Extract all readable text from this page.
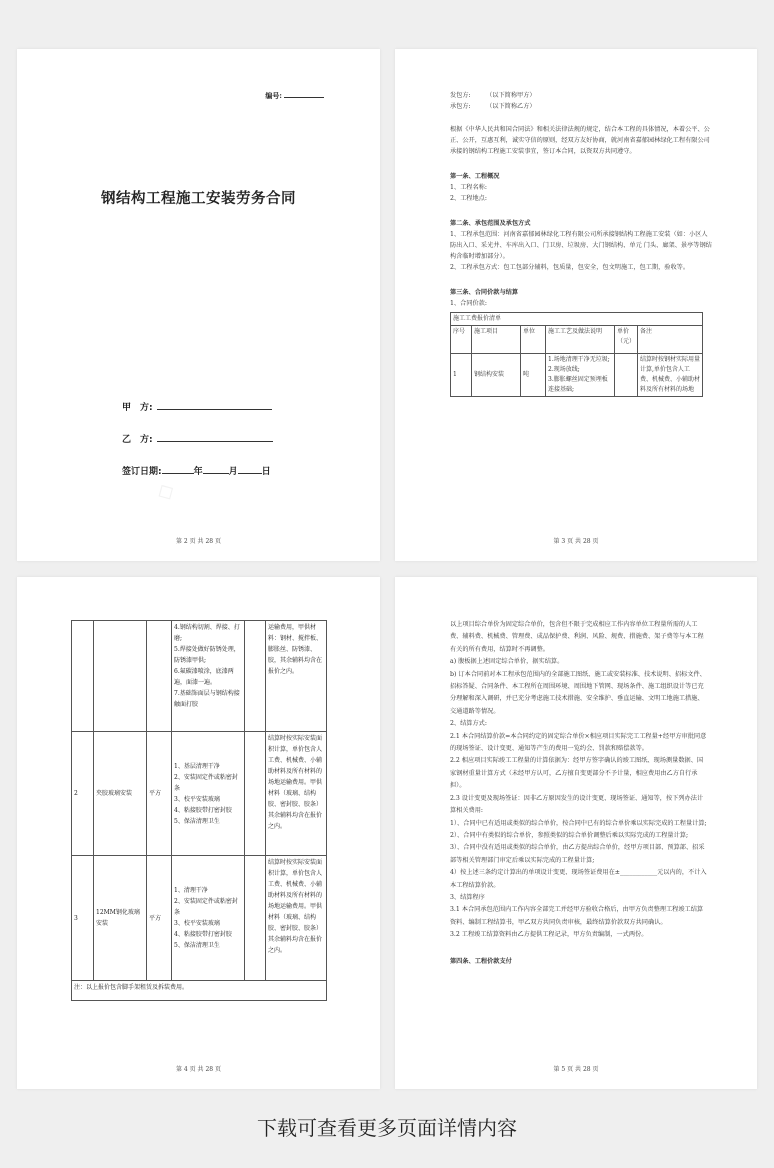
◇
编号:
钢结构工程施工安装劳务合同
甲　方:
乙　方:
签订日期:	年	月	日
第 2 页 共 28 页

发包方:　　　（以下简称甲方）

承包方:　　　（以下简称乙方）

根据《中华人民共和国合同法》和相关法律法规的规定，结合本工程的具体情况，本着公平、公正、公开，互惠互利，诚实守信的原则，经双方友好协商，就河南省嘉郁园林绿化工程有限公司承接的钢结构工程施工安装事宜，签订本合同，以资双方共同遵守。

第一条、工程概况

1、工程名称:

2、工程地点:

第二条、承包范围及承包方式

1、工程承包范围：河南省嘉郁园林绿化工程有限公司所承接钢结构工程施工安装（如：小区人防出入口、采光井、车库出入口、门卫房、垃圾房、大门钢结构、单元 门头、廊架、景亭等钢结构含临时增加部分）。

2、工程承包方式：包工包部分辅料，包质量，包安全，包文明施工，包工期，验收等。

第三条、合同价款与结算

1、合同价款:

施工工费报价清单					
序号	施工项目	单位	施工工艺及做法说明	单价（元）	备注
1	钢结构安装	吨	1.场地清理干净无垃圾;
2.现场放线;
3.膨胀螺丝固定预埋板连接基础;		结算时按钢材实际用量计算,单价包含人工费、机械费、小辅助材料及所有材料的场地
第 3 页 共 28 页

			4.钢结构切割、焊接、打磨;
5.焊接处做好防锈处理，防锈漆甲供;
6.氟碳漆喷涂，底漆两遍，面漆一遍。
7.基础饰面层与钢结构接触面打胶		运输费用，甲供材料：钢材、搅拌板、膨胀丝、防锈漆、胶，其余辅料均含在报价之内。
2	夹胶玻璃安装	平方	1、基层清理干净
2、安装固定件或粘密封条
3、校平安装玻璃
4、粘接胶带打密封胶
5、保洁清理卫生		结算时按实际安装面积计算，单价包含人工费、机械费、小辅助材料及所有材料的场地运输费用。甲供材料（玻璃、结构胶、密封胶、胶条）其余辅料均含在报价之内。
3	12MM钢化玻璃安装	平方	1、清理干净
2、安装固定件或粘密封条
3、校平安装玻璃
4、粘接胶带打密封胶
5、保洁清理卫生		结算时按实际安装面积计算，单价包含人工费、机械费、小辅助材料及所有材料的场地运输费用。甲供材料（玻璃、结构胶、密封胶、胶条）其余辅料均含在报价之内。
注：以上报价包含脚手架租赁及拆装费用。					
第 4 页 共 28 页

以上项目综合单价为固定综合单价，包含但不限于完成相应工作内容单位工程量所需的人工费、辅料费、机械费、管理费、成品保护费、利润、风险、规费、措施费、架子费等与本工程有关的所有费用，结算时不再调整。

a) 腹板据上述固定综合单价，据实结算。

b) 订本合同前对本工程承包范围内的全部施工图纸、施工或安装标准、技术说明、招标文件、招标答疑、合同条件、本工程所在周围环境、周围地下管网、现场条件、施工组织设计等已充分理解和深入调研，并已充分考虑施工技术措施、安全维护、垂直运输、文明工地施工措施、交通道路等情况。

2、结算方式:

2.1 本合同结算价款=本合同约定的固定综合单价×相应项目实际完工工程量+经甲方审批同意的现场签证、设计变更、通知等产生的费用一览约会、罚款和赔偿款等。

2.2 相应项目实际竣工工程量的计算依据为：经甲方签字确认的竣工图纸、现场测量数据、国家钢材重量计算方式（未经甲方认可，乙方擅自变更部分不予计量，相应费用由乙方自行承担）。

2.3 设计变更及现场签证：因非乙方原因发生的设计变更、现场签证、通知等，按下列办法计算相关费用:

1）、合同中已有适用或类似的综合单价，按合同中已有的综合单价乘以实际完成的工程量计算;

2）、合同中有类似的综合单价，参照类似的综合单价调整后乘以实际完成的工程量计算;

3）、合同中没有适用或类似的综合单价，由乙方提出综合单价，经甲方项目部、预算部、招采部等相关管理部门审定后乘以实际完成的工程量计算;

4）按上述三条约定计算出的单项设计变更、现场签证费用在±____________元以内的，不计入本工程结算价款。

3、结算程序

3.1 本合同承包范围内工作内容全部完工并经甲方验收合格后，由甲方负责整理工程竣工结算资料、编制工程结算书，甲乙双方共同负责审核，最终结算价款双方共同确认。

3.2 工程竣工结算资料由乙方提供工程记录，甲方负责编制，一式两份。

第四条、工程价款支付

第 5 页 共 28 页
下载可查看更多页面详情内容
